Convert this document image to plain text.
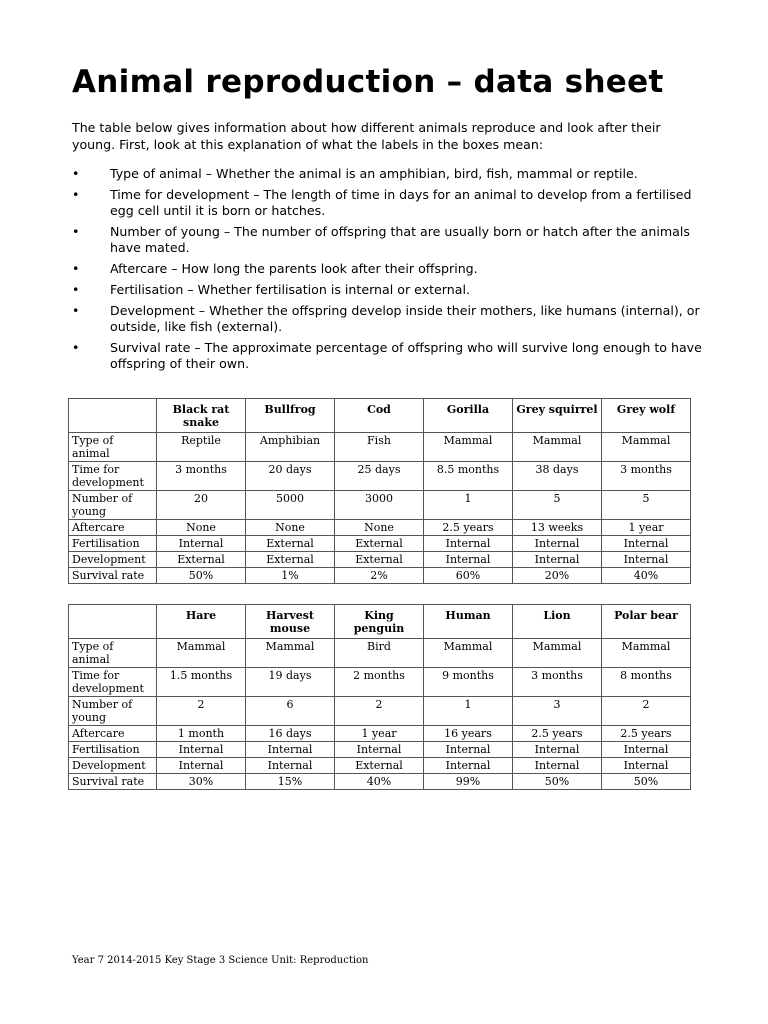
Animal reproduction – data sheet

The table below gives information about how different animals reproduce and look after their young. First, look at this explanation of what the labels in the boxes mean:

• Type of animal – Whether the animal is an amphibian, bird, fish, mammal or reptile.
• Time for development – The length of time in days for an animal to develop from a fertilised egg cell until it is born or hatches.
• Number of young – The number of offspring that are usually born or hatch after the animals have mated.
• Aftercare – How long the parents look after their offspring.
• Fertilisation – Whether fertilisation is internal or external.
• Development – Whether the offspring develop inside their mothers, like humans (internal), or outside, like fish (external).
• Survival rate – The approximate percentage of offspring who will survive long enough to have offspring of their own.
	Black rat snake	Bullfrog	Cod	Gorilla	Grey squirrel	Grey wolf
Type of animal	Reptile	Amphibian	Fish	Mammal	Mammal	Mammal
Time for development	3 months	20 days	25 days	8.5 months	38 days	3 months
Number of young	20	5000	3000	1	5	5
Aftercare	None	None	None	2.5 years	13 weeks	1 year
Fertilisation	Internal	External	External	Internal	Internal	Internal
Development	External	External	External	Internal	Internal	Internal
Survival rate	50%	1%	2%	60%	20%	40%
	Hare	Harvest mouse	King penguin	Human	Lion	Polar bear
Type of animal	Mammal	Mammal	Bird	Mammal	Mammal	Mammal
Time for development	1.5 months	19 days	2 months	9 months	3 months	8 months
Number of young	2	6	2	1	3	2
Aftercare	1 month	16 days	1 year	16 years	2.5 years	2.5 years
Fertilisation	Internal	Internal	Internal	Internal	Internal	Internal
Development	Internal	Internal	External	Internal	Internal	Internal
Survival rate	30%	15%	40%	99%	50%	50%
Year 7 2014-2015 Key Stage 3 Science Unit: Reproduction
